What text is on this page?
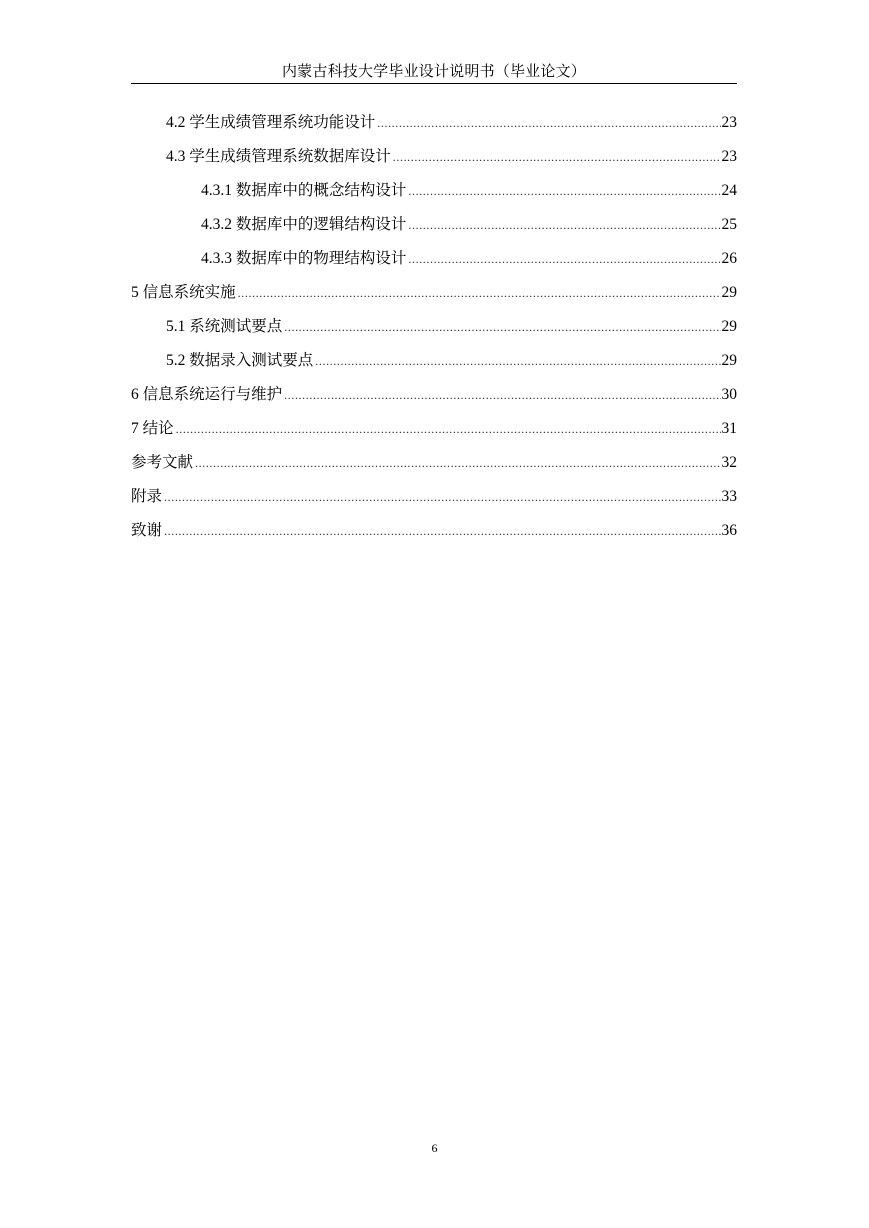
内蒙古科技大学毕业设计说明书（毕业论文）
4.2 学生成绩管理系统功能设计 .....	23
4.3 学生成绩管理系统数据库设计 .....	23
4.3.1 数据库中的概念结构设计 .....	24
4.3.2 数据库中的逻辑结构设计 .....	25
4.3.3 数据库中的物理结构设计 .....	26
5 信息系统实施 .....	29
5.1 系统测试要点 .....	29
5.2 数据录入测试要点 .....	29
6 信息系统运行与维护 .....	30
7 结论 .....	31
参考文献 .....	32
附录 .....	33
致谢 .....	36
6
